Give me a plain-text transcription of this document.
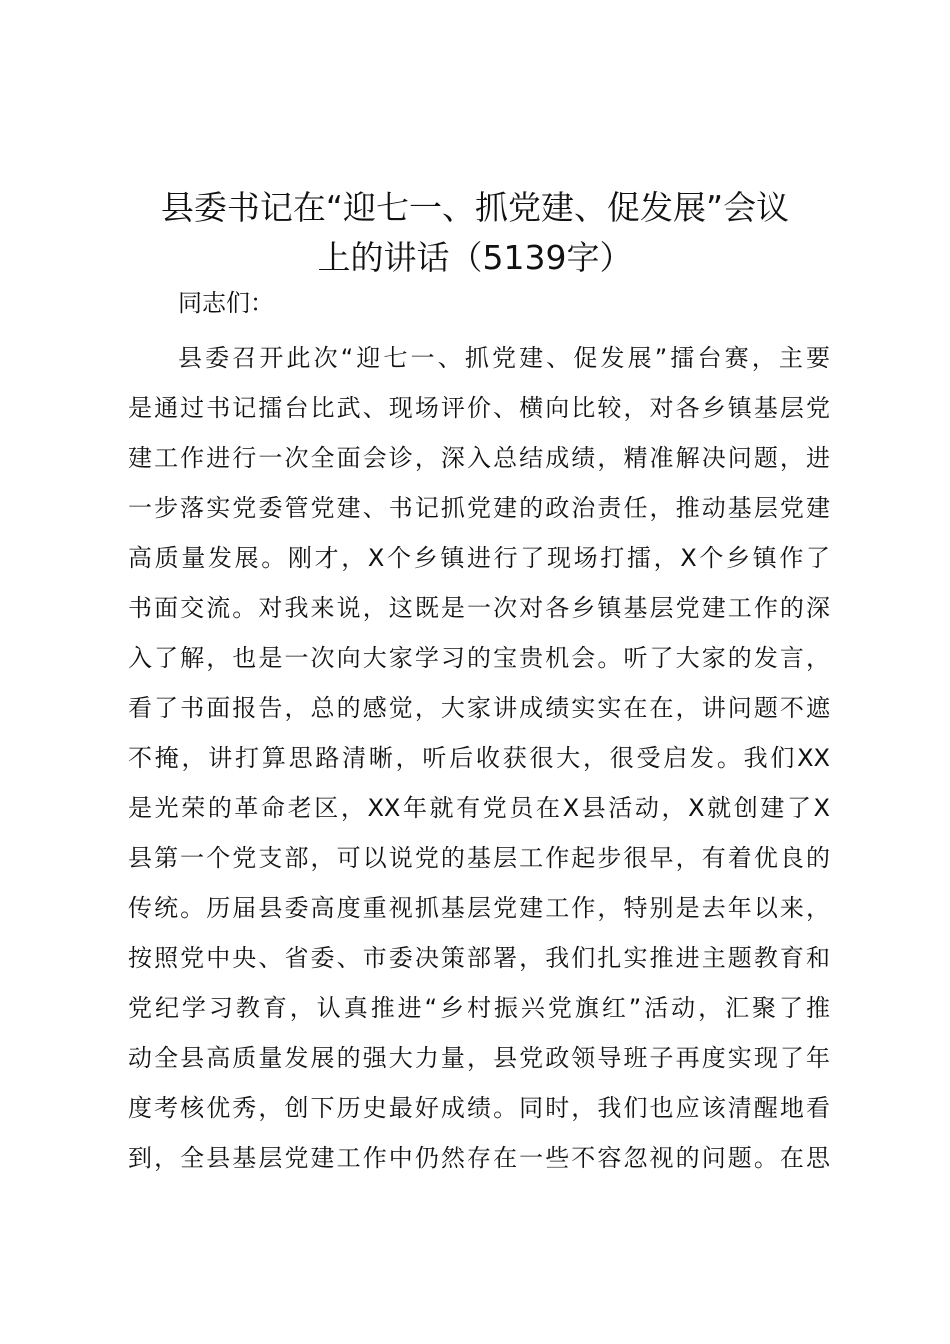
县委书记在“迎七一、抓党建、促发展”会议
上的讲话（5139字）

同志们：

县委召开此次“迎七一、抓党建、促发展”擂台赛，主要
是通过书记擂台比武、现场评价、横向比较，对各乡镇基层党
建工作进行一次全面会诊，深入总结成绩，精准解决问题，进
一步落实党委管党建、书记抓党建的政治责任，推动基层党建
高质量发展。刚才，X个乡镇进行了现场打擂，X个乡镇作了
书面交流。对我来说，这既是一次对各乡镇基层党建工作的深
入了解，也是一次向大家学习的宝贵机会。听了大家的发言，
看了书面报告，总的感觉，大家讲成绩实实在在，讲问题不遮
不掩，讲打算思路清晰，听后收获很大，很受启发。我们XX
是光荣的革命老区，XX年就有党员在X县活动，X就创建了X
县第一个党支部，可以说党的基层工作起步很早，有着优良的
传统。历届县委高度重视抓基层党建工作，特别是去年以来，
按照党中央、省委、市委决策部署，我们扎实推进主题教育和
党纪学习教育，认真推进“乡村振兴党旗红”活动，汇聚了推
动全县高质量发展的强大力量，县党政领导班子再度实现了年
度考核优秀，创下历史最好成绩。同时，我们也应该清醒地看
到，全县基层党建工作中仍然存在一些不容忽视的问题。在思
